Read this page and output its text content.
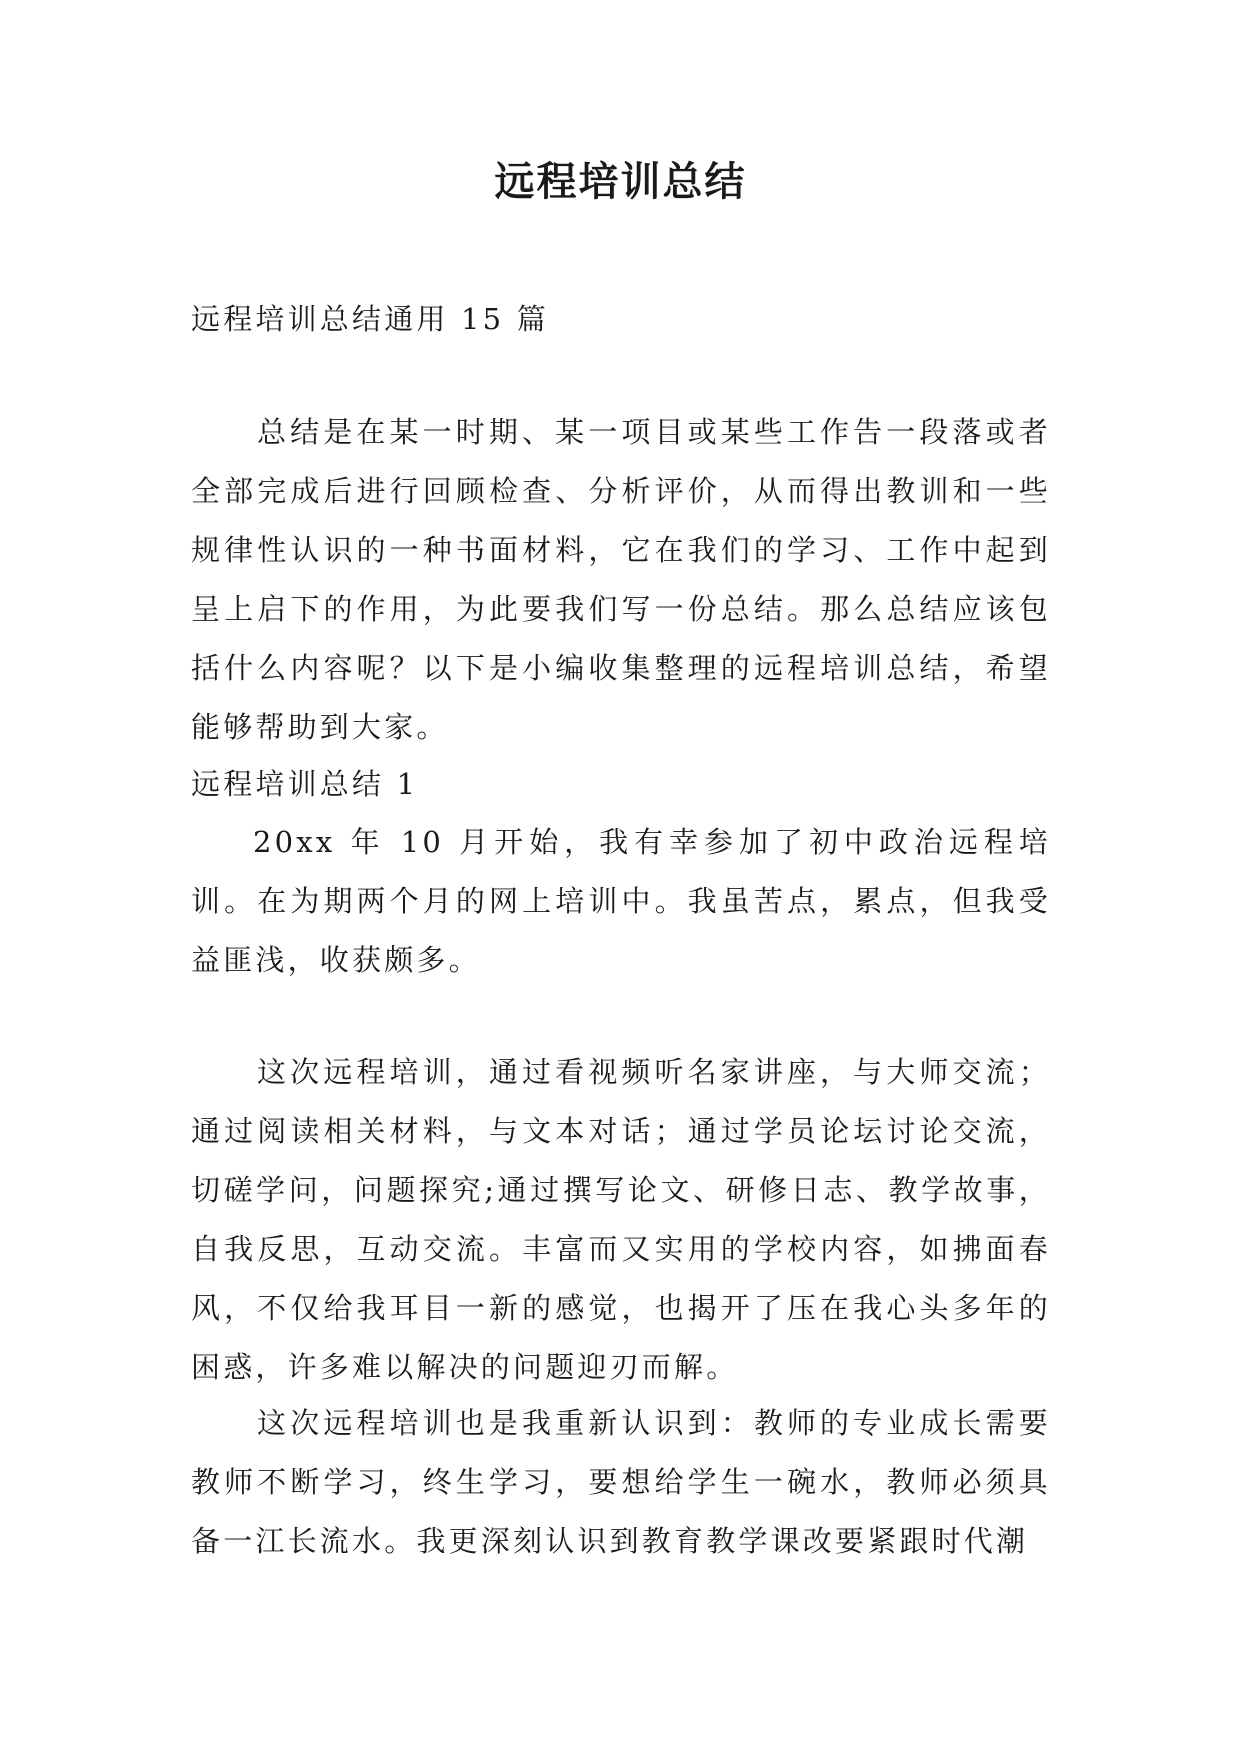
远程培训总结

远程培训总结通用 15 篇

总结是在某一时期、某一项目或某些工作告一段落或者全部完成后进行回顾检查、分析评价，从而得出教训和一些规律性认识的一种书面材料，它在我们的学习、工作中起到呈上启下的作用，为此要我们写一份总结。那么总结应该包括什么内容呢？以下是小编收集整理的远程培训总结，希望能够帮助到大家。

远程培训总结 1

20xx 年 10 月开始，我有幸参加了初中政治远程培训。在为期两个月的网上培训中。我虽苦点，累点，但我受益匪浅，收获颇多。

这次远程培训，通过看视频听名家讲座，与大师交流；通过阅读相关材料，与文本对话；通过学员论坛讨论交流，切磋学问，问题探究;通过撰写论文、研修日志、教学故事，自我反思，互动交流。丰富而又实用的学校内容，如拂面春风，不仅给我耳目一新的感觉，也揭开了压在我心头多年的困惑，许多难以解决的问题迎刃而解。

这次远程培训也是我重新认识到：教师的专业成长需要教师不断学习，终生学习，要想给学生一碗水，教师必须具备一江长流水。我更深刻认识到教育教学课改要紧跟时代潮
